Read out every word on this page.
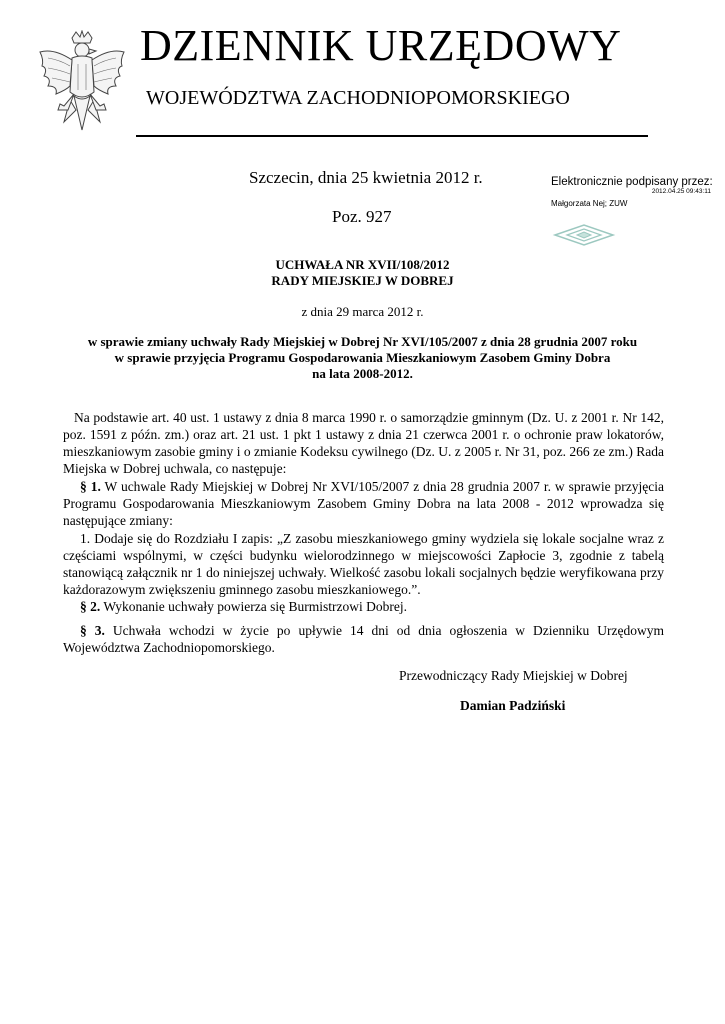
DZIENNIK URZĘDOWY
WOJEWÓDZTWA ZACHODNIOPOMORSKIEGO
Szczecin, dnia 25 kwietnia 2012 r.
Poz. 927
Elektronicznie podpisany przez:
2012.04.25 09:43:11
Małgorzata Nej; ZUW
UCHWAŁA NR XVII/108/2012
RADY MIEJSKIEJ W DOBREJ
z dnia 29 marca 2012 r.
w sprawie zmiany uchwały Rady Miejskiej w Dobrej Nr XVI/105/2007 z dnia 28 grudnia 2007 roku
w sprawie przyjęcia Programu Gospodarowania Mieszkaniowym Zasobem Gminy Dobra
na lata 2008-2012.
Na podstawie art. 40 ust. 1 ustawy z dnia 8 marca 1990 r. o samorządzie gminnym (Dz. U. z 2001 r. Nr 142, poz. 1591 z późn. zm.) oraz art. 21 ust. 1 pkt 1 ustawy z dnia 21 czerwca 2001 r. o ochronie praw lokatorów, mieszkaniowym zasobie gminy i o zmianie Kodeksu cywilnego (Dz. U. z 2005 r. Nr 31, poz. 266 ze zm.) Rada Miejska w Dobrej uchwala, co następuje:
§ 1. W uchwale Rady Miejskiej w Dobrej Nr XVI/105/2007 z dnia 28 grudnia 2007 r. w sprawie przyjęcia Programu Gospodarowania Mieszkaniowym Zasobem Gminy Dobra na lata 2008 - 2012 wprowadza się następujące zmiany:
1. Dodaje się do Rozdziału I zapis: „Z zasobu mieszkaniowego gminy wydziela się lokale socjalne wraz z częściami wspólnymi, w części budynku wielorodzinnego w miejscowości Zapłocie 3, zgodnie z tabelą stanowiącą załącznik nr 1 do niniejszej uchwały. Wielkość zasobu lokali socjalnych będzie weryfikowana przy każdorazowym zwiększeniu gminnego zasobu mieszkaniowego.”.
§ 2. Wykonanie uchwały powierza się Burmistrzowi Dobrej.
§ 3. Uchwała wchodzi w życie po upływie 14 dni od dnia ogłoszenia w Dzienniku Urzędowym Województwa Zachodniopomorskiego.
Przewodniczący Rady Miejskiej w Dobrej
Damian Padziński
